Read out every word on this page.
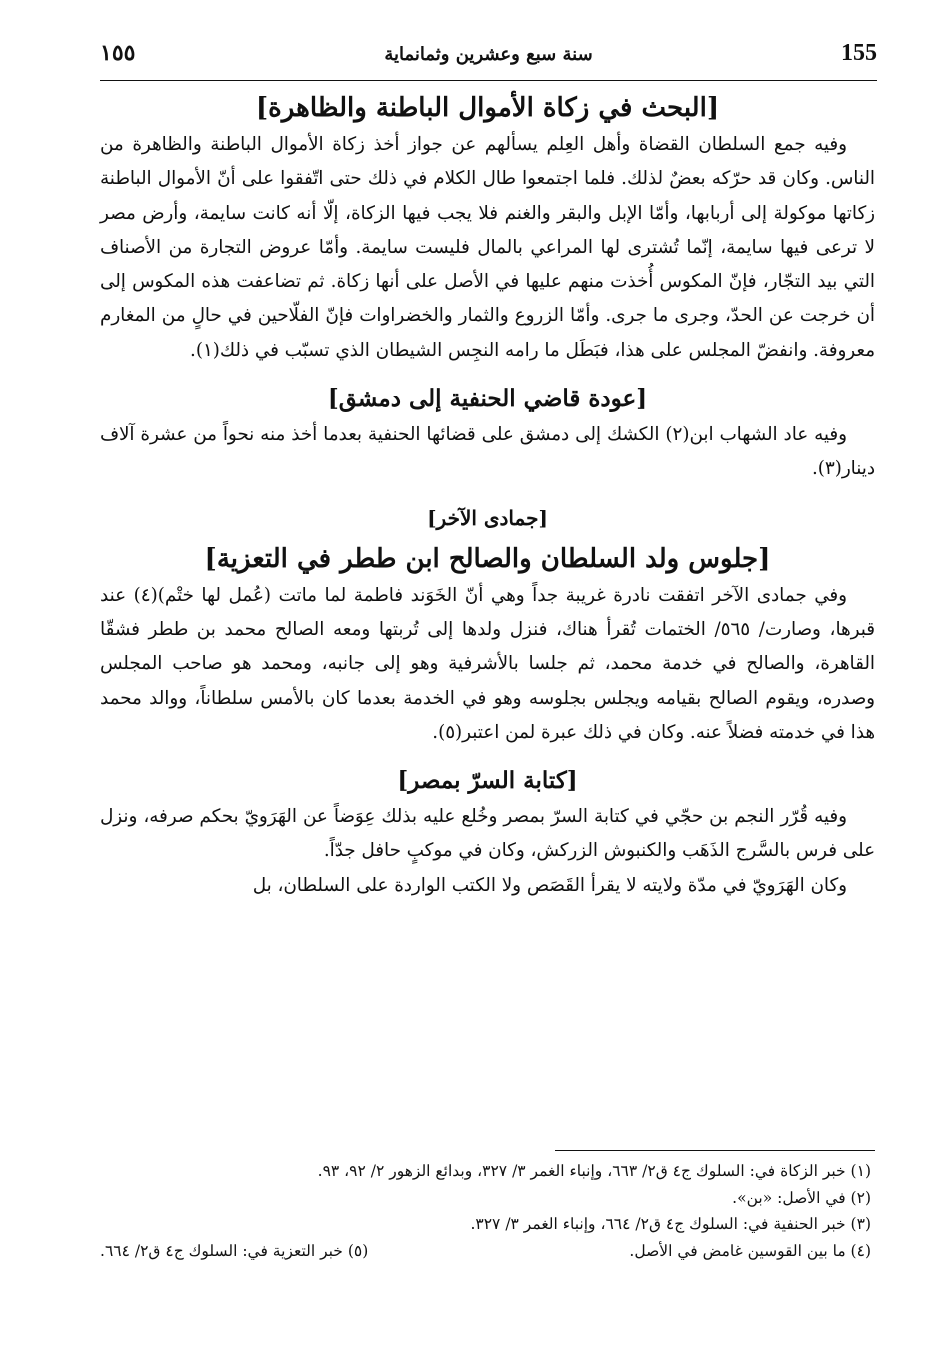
155
سنة سبع وعشرين وثمانماية
١٥٥
[البحث في زكاة الأموال الباطنة والظاهرة]

وفيه جمع السلطان القضاة وأهل العِلم يسألهم عن جواز أخذ زكاة الأموال الباطنة والظاهرة من الناس. وكان قد حرّكه بعضٌ لذلك. فلما اجتمعوا طال الكلام في ذلك حتى اتّفقوا على أنّ الأموال الباطنة زكاتها موكولة إلى أربابها، وأمّا الإبل والبقر والغنم فلا يجب فيها الزكاة، إلّا أنه كانت سايمة، وأرض مصر لا ترعى فيها سايمة، إنّما تُشترى لها المراعي بالمال فليست سايمة. وأمّا عروض التجارة من الأصناف التي بيد التجّار، فإنّ المكوس أُخذت منهم عليها في الأصل على أنها زكاة. ثم تضاعفت هذه المكوس إلى أن خرجت عن الحدّ، وجرى ما جرى. وأمّا الزروع والثمار والخضراوات فإنّ الفلّاحين في حالٍ من المغارم معروفة. وانفضّ المجلس على هذا، فبَطَل ما رامه النجِس الشيطان الذي تسبّب في ذلك(١).

[عودة قاضي الحنفية إلى دمشق]

وفيه عاد الشهاب ابن(٢) الكشك إلى دمشق على قضائها الحنفية بعدما أخذ منه نحواً من عشرة آلاف دينار(٣).

[جمادى الآخر]
[جلوس ولد السلطان والصالح ابن ططر في التعزية]

وفي جمادى الآخر اتفقت نادرة غريبة جداً وهي أنّ الخَوَند فاطمة لما ماتت (عُمل لها ختْم)(٤) عند قبرها، وصارت/ ٥٦٥/ الختمات تُقرأ هناك، فنزل ولدها إلى تُربتها ومعه الصالح محمد بن ططر فشقّا القاهرة، والصالح في خدمة محمد، ثم جلسا بالأشرفية وهو إلى جانبه، ومحمد هو صاحب المجلس وصدره، ويقوم الصالح بقيامه ويجلس بجلوسه وهو في الخدمة بعدما كان بالأمس سلطاناً، ووالد محمد هذا في خدمته فضلاً عنه. وكان في ذلك عبرة لمن اعتبر(٥).

[كتابة السرّ بمصر]

وفيه قُرّر النجم بن حجّي في كتابة السرّ بمصر وخُلع عليه بذلك عِوَضاً عن الهَرَويّ بحكم صرفه، ونزل على فرس بالسَّرج الذَهَب والكنبوش الزركش، وكان في موكبٍ حافل جدّاً.

وكان الهَرَويّ في مدّة ولايته لا يقرأ القَصَص ولا الكتب الواردة على السلطان، بل

(١) خبر الزكاة في: السلوك ج٤ ق٢/ ٦٦٣، وإنباء الغمر ٣/ ٣٢٧، وبدائع الزهور ٢/ ٩٢، ٩٣.

(٢) في الأصل: «بن».

(٣) خبر الحنفية في: السلوك ج٤ ق٢/ ٦٦٤، وإنباء الغمر ٣/ ٣٢٧.

(٤) ما بين القوسين غامض في الأصل.
(٥) خبر التعزية في: السلوك ج٤ ق٢/ ٦٦٤.
